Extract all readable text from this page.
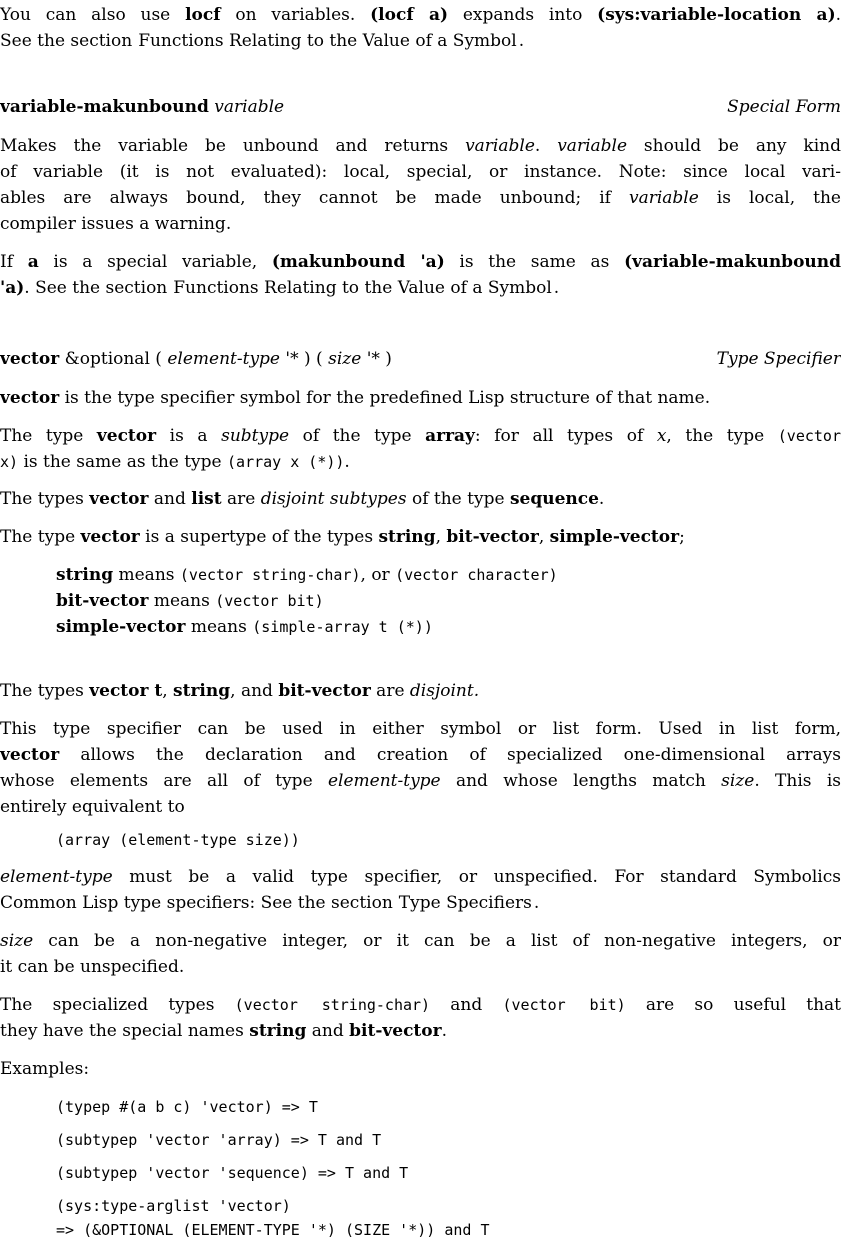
You can also use locf on variables. (locf a) expands into (sys:variable-location a).
See the section Functions Relating to the Value of a Symbol .
variable-makunbound variable	Special Form
Makes the variable be unbound and returns variable. variable should be any kind
of variable (it is not evaluated): local, special, or instance. Note: since local vari-
ables are always bound, they cannot be made unbound; if variable is local, the
compiler issues a warning.
If a is a special variable, (makunbound 'a) is the same as (variable-makunbound
'a). See the section Functions Relating to the Value of a Symbol .
vector &optional ( element-type '* ) ( size '* )	Type Specifier
vector is the type specifier symbol for the predefined Lisp structure of that name.
The type vector is a subtype of the type array: for all types of x, the type (vector
x) is the same as the type (array x (*)).
The types vector and list are disjoint subtypes of the type sequence.
The type vector is a supertype of the types string, bit-vector, simple-vector;
string means (vector string-char), or (vector character)
bit-vector means (vector bit)
simple-vector means (simple-array t (*))
The types vector t, string, and bit-vector are disjoint.
This type specifier can be used in either symbol or list form. Used in list form,
vector allows the declaration and creation of specialized one-dimensional arrays
whose elements are all of type element-type and whose lengths match size. This is
entirely equivalent to
(array (element-type size))
element-type must be a valid type specifier, or unspecified. For standard Symbolics
Common Lisp type specifiers: See the section Type Specifiers .
size can be a non-negative integer, or it can be a list of non-negative integers, or
it can be unspecified.
The specialized types (vector string-char) and (vector bit) are so useful that
they have the special names string and bit-vector.
Examples:
(typep #(a b c) 'vector) => T
(subtypep 'vector 'array) => T and T
(subtypep 'vector 'sequence) => T and T
(sys:type-arglist 'vector)
=> (&OPTIONAL (ELEMENT-TYPE '*) (SIZE '*)) and T
